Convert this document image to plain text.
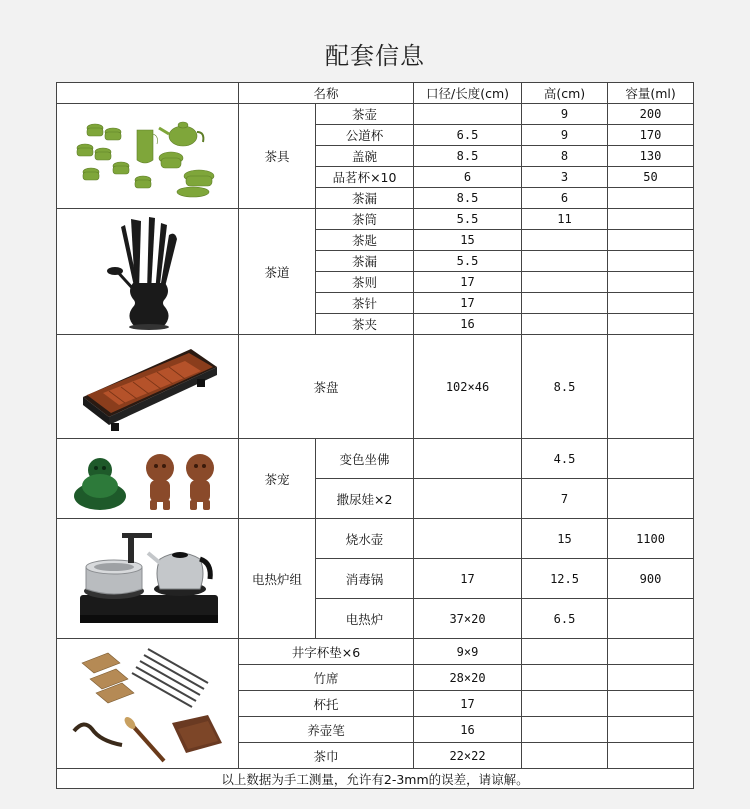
配套信息
	名称		口径/长度(cm)	高(cm)	容量(ml)

	茶具	茶壶		9	200
		公道杯	6.5	9	170
		盖碗	8.5	8	130
		品茗杯×10	6	3	50
		茶漏	8.5	6	

	茶道	茶筒	5.5	11	
		茶匙	15		
		茶漏	5.5		
		茶则	17		
		茶针	17		
		茶夹	16		

	茶盘		102×46	8.5	

	茶宠	变色坐佛		4.5	
		撒尿娃×2		7	

	电热炉组	烧水壶		15	1100
		消毒锅	17	12.5	900
		电热炉	37×20	6.5	

	井字杯垫×6		9×9		
	竹席		28×20		
	杯托		17		
	养壶笔		16		
	茶巾		22×22		
以上数据为手工测量，允许有2-3mm的误差，请谅解。					
